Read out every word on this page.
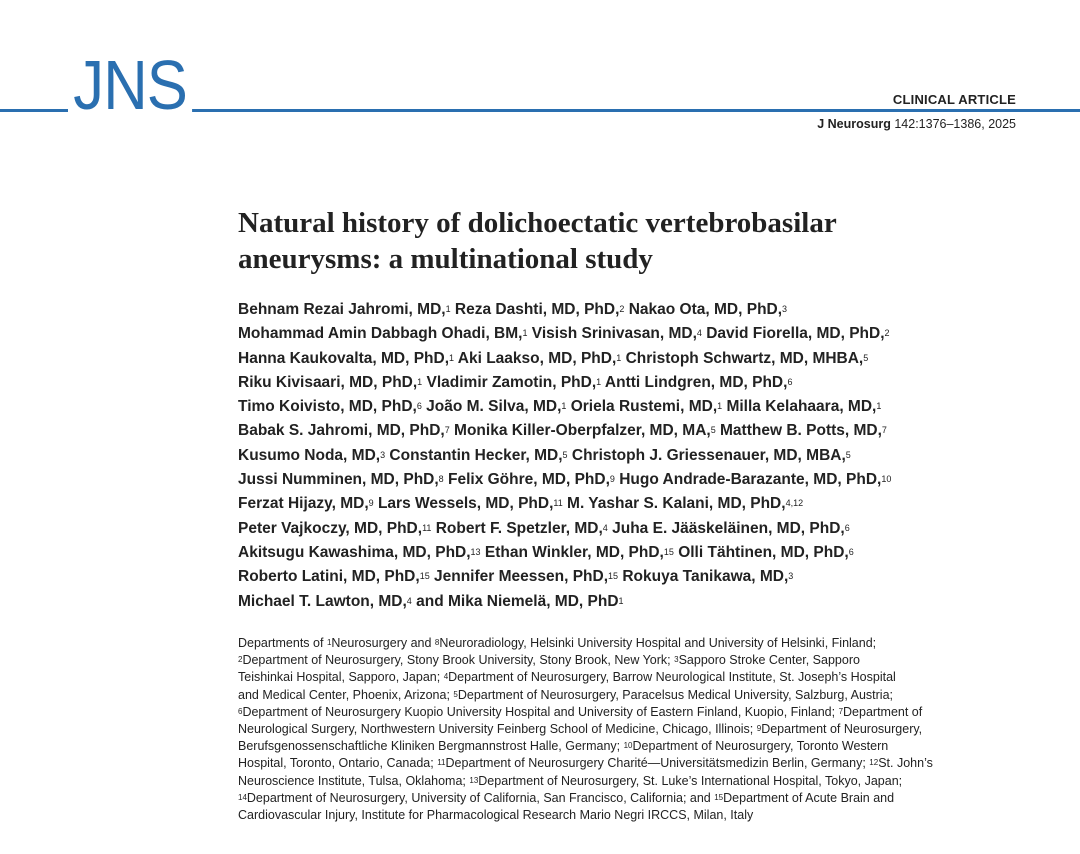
JNS	CLINICAL ARTICLE
J Neurosurg 142:1376–1386, 2025
Natural history of dolichoectatic vertebrobasilar
aneurysms: a multinational study
Behnam Rezai Jahromi, MD,$^1$ Reza Dashti, MD, PhD,$^2$ Nakao Ota, MD, PhD,$^3$
Mohammad Amin Dabbagh Ohadi, BM,$^1$ Visish Srinivasan, MD,$^4$ David Fiorella, MD, PhD,$^2$
Hanna Kaukovalta, MD, PhD,$^1$ Aki Laakso, MD, PhD,$^1$ Christoph Schwartz, MD, MHBA,$^5$
Riku Kivisaari, MD, PhD,$^1$ Vladimir Zamotin, PhD,$^1$ Antti Lindgren, MD, PhD,$^6$
Timo Koivisto, MD, PhD,$^6$ João M. Silva, MD,$^1$ Oriela Rustemi, MD,$^1$ Milla Kelahaara, MD,$^1$
Babak S. Jahromi, MD, PhD,$^7$ Monika Killer-Oberpfalzer, MD, MA,$^5$ Matthew B. Potts, MD,$^7$
Kusumo Noda, MD,$^3$ Constantin Hecker, MD,$^5$ Christoph J. Griessenauer, MD, MBA,$^5$
Jussi Numminen, MD, PhD,$^8$ Felix Göhre, MD, PhD,$^9$ Hugo Andrade-Barazante, MD, PhD,$^{10}$
Ferzat Hijazy, MD,$^9$ Lars Wessels, MD, PhD,$^{11}$ M. Yashar S. Kalani, MD, PhD,$^{4,12}$
Peter Vajkoczy, MD, PhD,$^{11}$ Robert F. Spetzler, MD,$^4$ Juha E. Jääskeläinen, MD, PhD,$^6$
Akitsugu Kawashima, MD, PhD,$^{13}$ Ethan Winkler, MD, PhD,$^{15}$ Olli Tähtinen, MD, PhD,$^6$
Roberto Latini, MD, PhD,$^{15}$ Jennifer Meessen, PhD,$^{15}$ Rokuya Tanikawa, MD,$^3$
Michael T. Lawton, MD,$^4$ and Mika Niemelä, MD, PhD$^1$
Departments of $^1$Neurosurgery and $^8$Neuroradiology, Helsinki University Hospital and University of Helsinki, Finland;
$^2$Department of Neurosurgery, Stony Brook University, Stony Brook, New York; $^3$Sapporo Stroke Center, Sapporo
Teishinkai Hospital, Sapporo, Japan; $^4$Department of Neurosurgery, Barrow Neurological Institute, St. Joseph’s Hospital
and Medical Center, Phoenix, Arizona; $^5$Department of Neurosurgery, Paracelsus Medical University, Salzburg, Austria;
$^6$Department of Neurosurgery Kuopio University Hospital and University of Eastern Finland, Kuopio, Finland; $^7$Department of
Neurological Surgery, Northwestern University Feinberg School of Medicine, Chicago, Illinois; $^9$Department of Neurosurgery,
Berufsgenossenschaftliche Kliniken Bergmannstrost Halle, Germany; $^{10}$Department of Neurosurgery, Toronto Western
Hospital, Toronto, Ontario, Canada; $^{11}$Department of Neurosurgery Charité—Universitätsmedizin Berlin, Germany; $^{12}$St. John’s
Neuroscience Institute, Tulsa, Oklahoma; $^{13}$Department of Neurosurgery, St. Luke’s International Hospital, Tokyo, Japan;
$^{14}$Department of Neurosurgery, University of California, San Francisco, California; and $^{15}$Department of Acute Brain and
Cardiovascular Injury, Institute for Pharmacological Research Mario Negri IRCCS, Milan, Italy
